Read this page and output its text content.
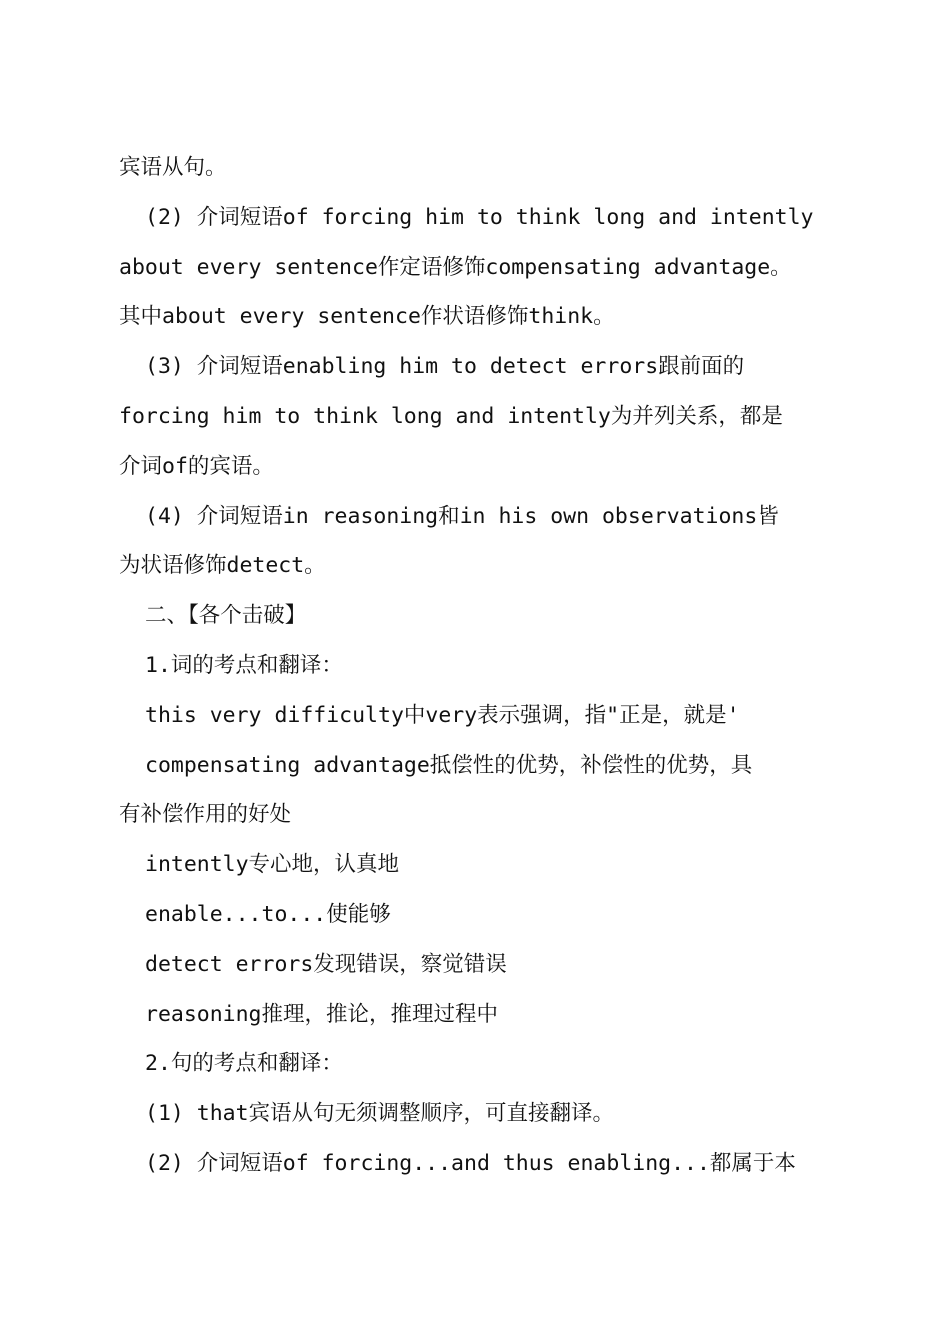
宾语从句。
(2) 介词短语of forcing him to think long and intently
about every sentence作定语修饰compensating advantage。
其中about every sentence作状语修饰think。
(3) 介词短语enabling him to detect errors跟前面的
forcing him to think long and intently为并列关系，都是
介词of的宾语。
(4) 介词短语in reasoning和in his own observations皆
为状语修饰detect。
二、【各个击破】
1.词的考点和翻译：
this very difficulty中very表示强调，指"正是，就是'
compensating advantage抵偿性的优势，补偿性的优势，具
有补偿作用的好处
intently专心地，认真地
enable...to...使能够
detect errors发现错误，察觉错误
reasoning推理，推论，推理过程中
2.句的考点和翻译：
(1) that宾语从句无须调整顺序，可直接翻译。
(2) 介词短语of forcing...and thus enabling...都属于本
